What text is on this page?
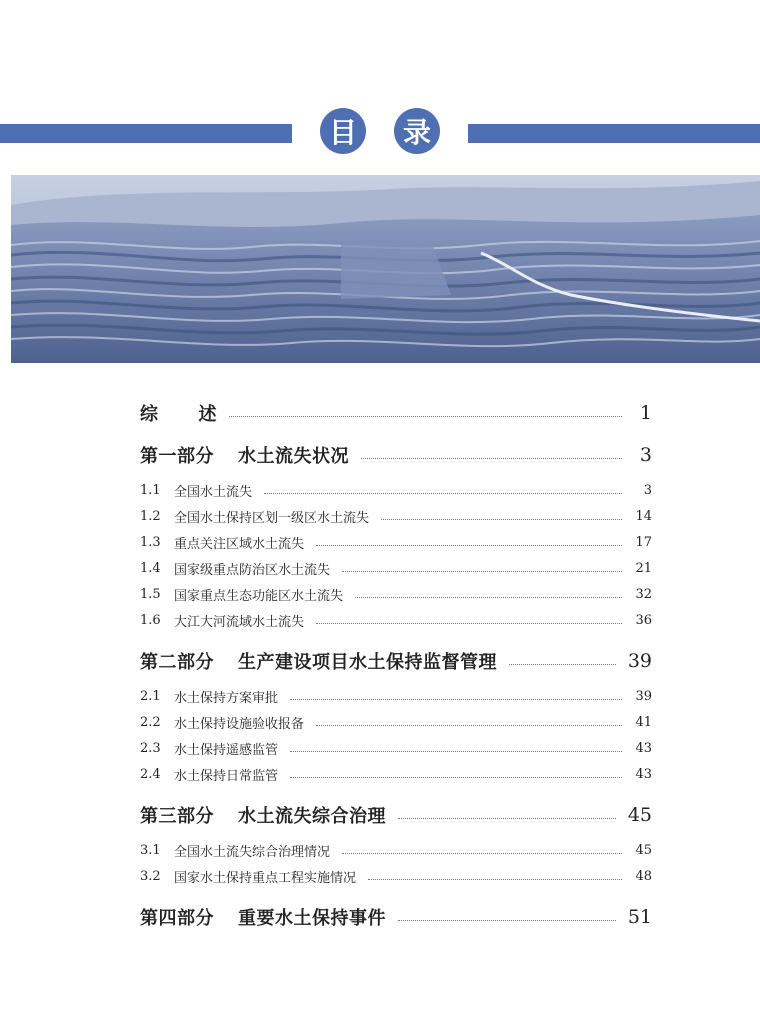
目	录
综 述	1
第一部分 水土流失状况	3
1.1	全国水土流失	3
1.2	全国水土保持区划一级区水土流失	14
1.3	重点关注区域水土流失	17
1.4	国家级重点防治区水土流失	21
1.5	国家重点生态功能区水土流失	32
1.6	大江大河流域水土流失	36
第二部分 生产建设项目水土保持监督管理	39
2.1	水土保持方案审批	39
2.2	水土保持设施验收报备	41
2.3	水土保持遥感监管	43
2.4	水土保持日常监管	43
第三部分 水土流失综合治理	45
3.1	全国水土流失综合治理情况	45
3.2	国家水土保持重点工程实施情况	48
第四部分 重要水土保持事件	51
